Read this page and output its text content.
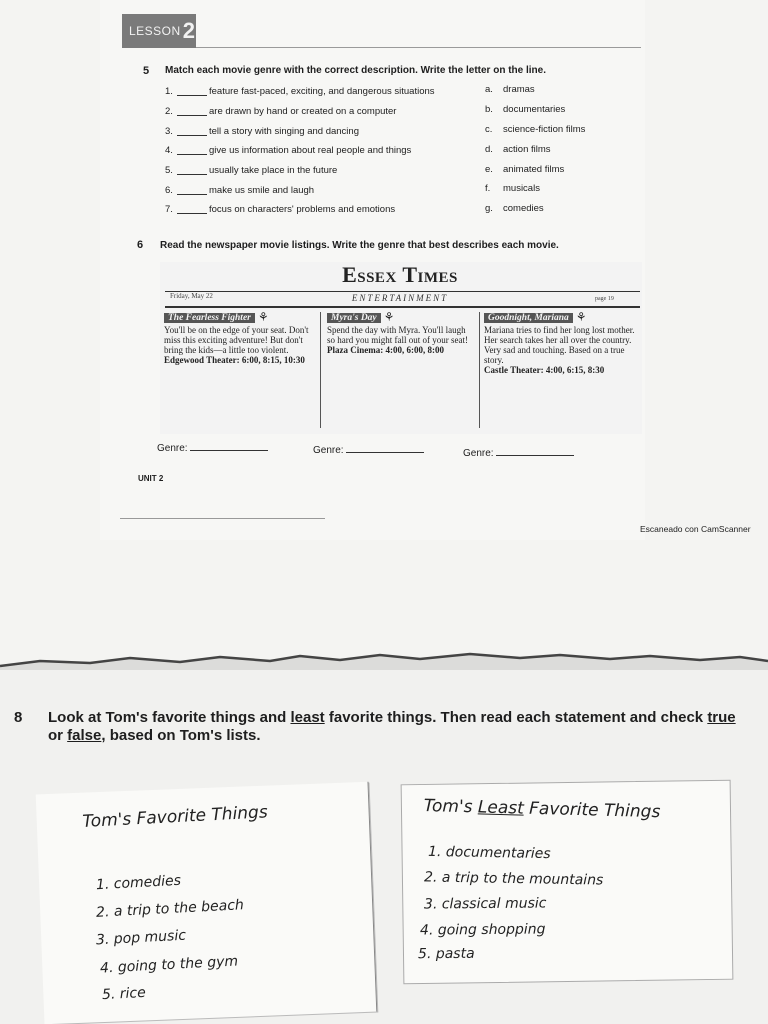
LESSON 2
5 Match each movie genre with the correct description. Write the letter on the line.
1.	feature fast-paced, exciting, and dangerous situations
2.	are drawn by hand or created on a computer
3.	tell a story with singing and dancing
4.	give us information about real people and things
5.	usually take place in the future
6.	make us smile and laugh
7.	focus on characters' problems and emotions
a.	dramas
b.	documentaries
c.	science-fiction films
d.	action films
e.	animated films
f.	musicals
g.	comedies
6 Read the newspaper movie listings. Write the genre that best describes each movie.
Essex Times
Friday, May 22	ENTERTAINMENT	page 19
The Fearless Fighter ⚘

You'll be on the edge of your seat. Don't miss this exciting adventure! But don't bring the kids—a little too violent.

Edgewood Theater: 6:00, 8:15, 10:30

Myra's Day ⚘

Spend the day with Myra. You'll laugh so hard you might fall out of your seat!

Plaza Cinema: 4:00, 6:00, 8:00

Goodnight, Mariana ⚘

Mariana tries to find her long lost mother. Her search takes her all over the country. Very sad and touching. Based on a true story.

Castle Theater: 4:00, 6:15, 8:30

Genre:	Genre:	Genre:
UNIT 2
Escaneado con CamScanner
8 Look at Tom's favorite things and least favorite things. Then read each statement and check true or false, based on Tom's lists.
Tom's Favorite Things
1. comedies
2. a trip to the beach
3. pop music
4. going to the gym
5. rice
Tom's Least Favorite Things
1. documentaries
2. a trip to the mountains
3. classical music
4. going shopping
5. pasta
